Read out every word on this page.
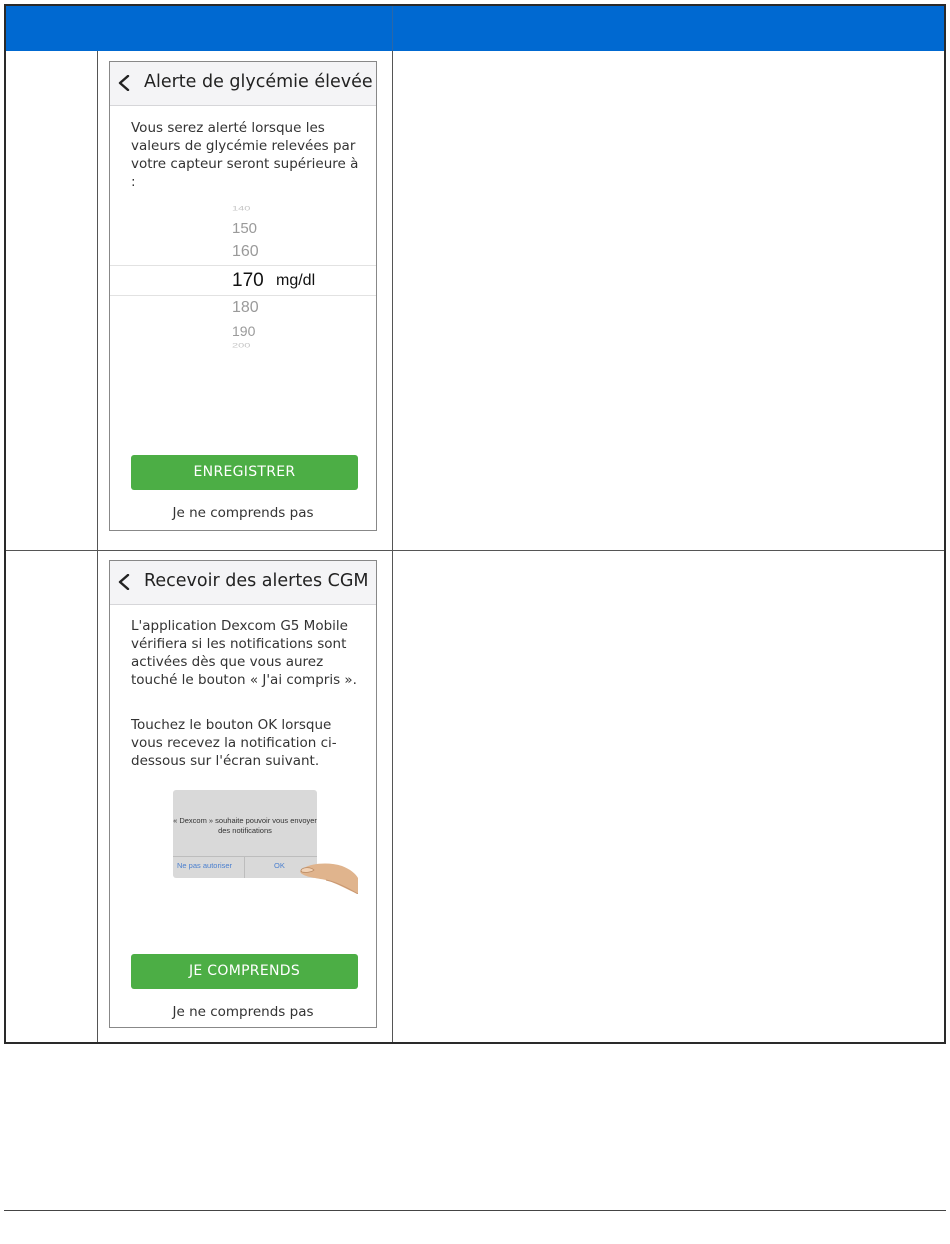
Alerte de glycémie élevée
Vous serez alerté lorsque les valeurs de glycémie relevées par votre capteur seront supérieure à :
140
150
160
170 mg/dl
180
190
200
ENREGISTRER
Je ne comprends pas
Recevoir des alertes CGM
L'application Dexcom G5 Mobile vérifiera si les notifications sont activées dès que vous aurez touché le bouton « J'ai compris ».
Touchez le bouton OK lorsque vous recevez la notification ci-dessous sur l'écran suivant.
« Dexcom » souhaite pouvoir vous envoyer des notifications
Ne pas autoriser	OK
JE COMPRENDS
Je ne comprends pas
